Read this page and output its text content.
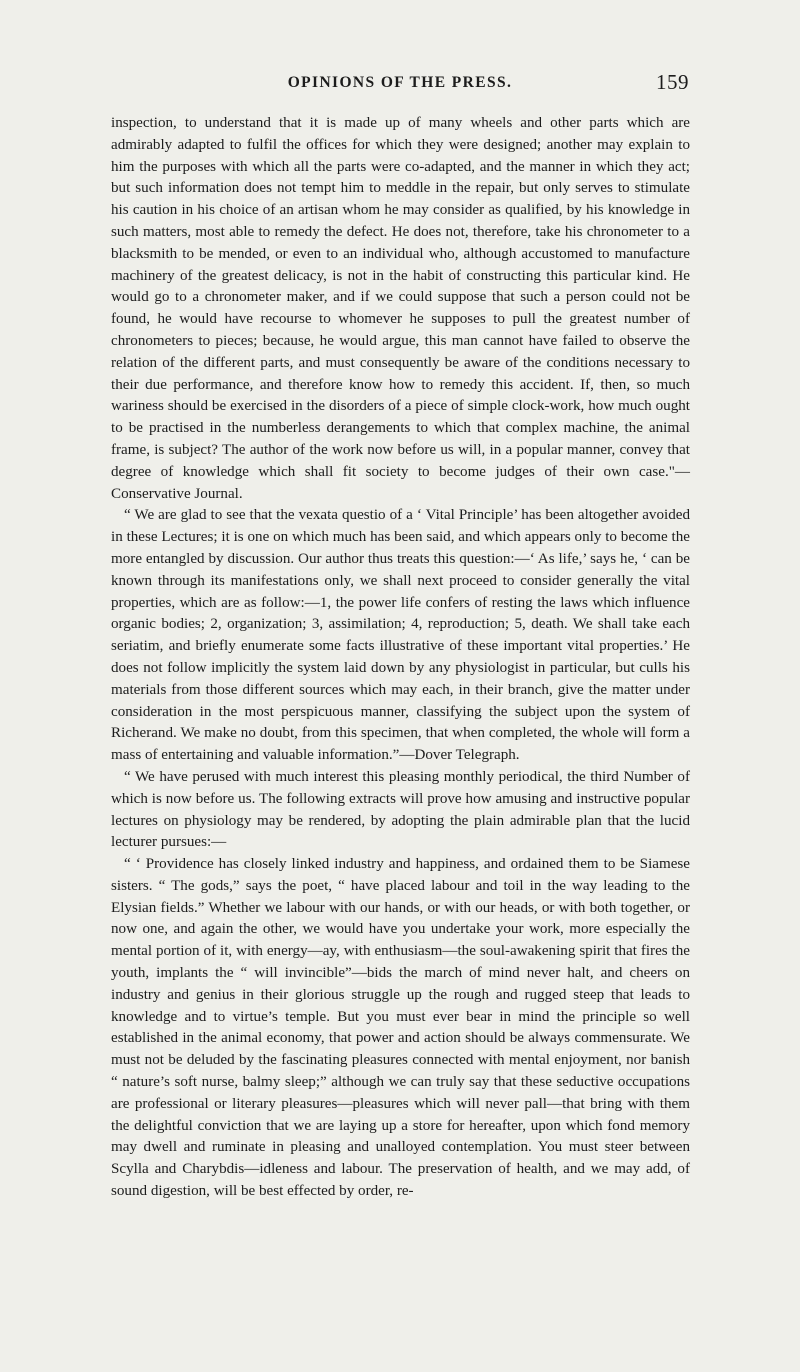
OPINIONS OF THE PRESS.	159

inspection, to understand that it is made up of many wheels and other parts which are admirably adapted to fulfil the offices for which they were designed; another may explain to him the purposes with which all the parts were co-adapted, and the manner in which they act; but such information does not tempt him to meddle in the repair, but only serves to stimulate his caution in his choice of an artisan whom he may consider as qualified, by his knowledge in such matters, most able to remedy the defect. He does not, therefore, take his chronometer to a blacksmith to be mended, or even to an individual who, although accustomed to manufacture machinery of the greatest delicacy, is not in the habit of constructing this particular kind. He would go to a chronometer maker, and if we could suppose that such a person could not be found, he would have recourse to whomever he supposes to pull the greatest number of chronometers to pieces; because, he would argue, this man cannot have failed to observe the relation of the different parts, and must consequently be aware of the conditions necessary to their due performance, and therefore know how to remedy this accident. If, then, so much wariness should be exercised in the disorders of a piece of simple clock-work, how much ought to be practised in the numberless derangements to which that complex machine, the animal frame, is subject? The author of the work now before us will, in a popular manner, convey that degree of knowledge which shall fit society to become judges of their own case."—Conservative Journal.

“ We are glad to see that the vexata questio of a ‘ Vital Principle’ has been altogether avoided in these Lectures; it is one on which much has been said, and which appears only to become the more entangled by discussion. Our author thus treats this question:—‘ As life,’ says he, ‘ can be known through its manifestations only, we shall next proceed to consider generally the vital properties, which are as follow:—1, the power life confers of resting the laws which influence organic bodies; 2, organization; 3, assimilation; 4, reproduction; 5, death. We shall take each seriatim, and briefly enumerate some facts illustrative of these important vital properties.’ He does not follow implicitly the system laid down by any physiologist in particular, but culls his materials from those different sources which may each, in their branch, give the matter under consideration in the most perspicuous manner, classifying the subject upon the system of Richerand. We make no doubt, from this specimen, that when completed, the whole will form a mass of entertaining and valuable information.”—Dover Telegraph.

“ We have perused with much interest this pleasing monthly periodical, the third Number of which is now before us. The following extracts will prove how amusing and instructive popular lectures on physiology may be rendered, by adopting the plain admirable plan that the lucid lecturer pursues:—

“ ‘ Providence has closely linked industry and happiness, and ordained them to be Siamese sisters. “ The gods,” says the poet, “ have placed labour and toil in the way leading to the Elysian fields.” Whether we labour with our hands, or with our heads, or with both together, or now one, and again the other, we would have you undertake your work, more especially the mental portion of it, with energy—ay, with enthusiasm—the soul-awakening spirit that fires the youth, implants the “ will invincible”—bids the march of mind never halt, and cheers on industry and genius in their glorious struggle up the rough and rugged steep that leads to knowledge and to virtue’s temple. But you must ever bear in mind the principle so well established in the animal economy, that power and action should be always commensurate. We must not be deluded by the fascinating pleasures connected with mental enjoyment, nor banish “ nature’s soft nurse, balmy sleep;” although we can truly say that these seductive occupations are professional or literary pleasures—pleasures which will never pall—that bring with them the delightful conviction that we are laying up a store for hereafter, upon which fond memory may dwell and ruminate in pleasing and unalloyed contemplation. You must steer between Scylla and Charybdis—idleness and labour. The preservation of health, and we may add, of sound digestion, will be best effected by order, re-
